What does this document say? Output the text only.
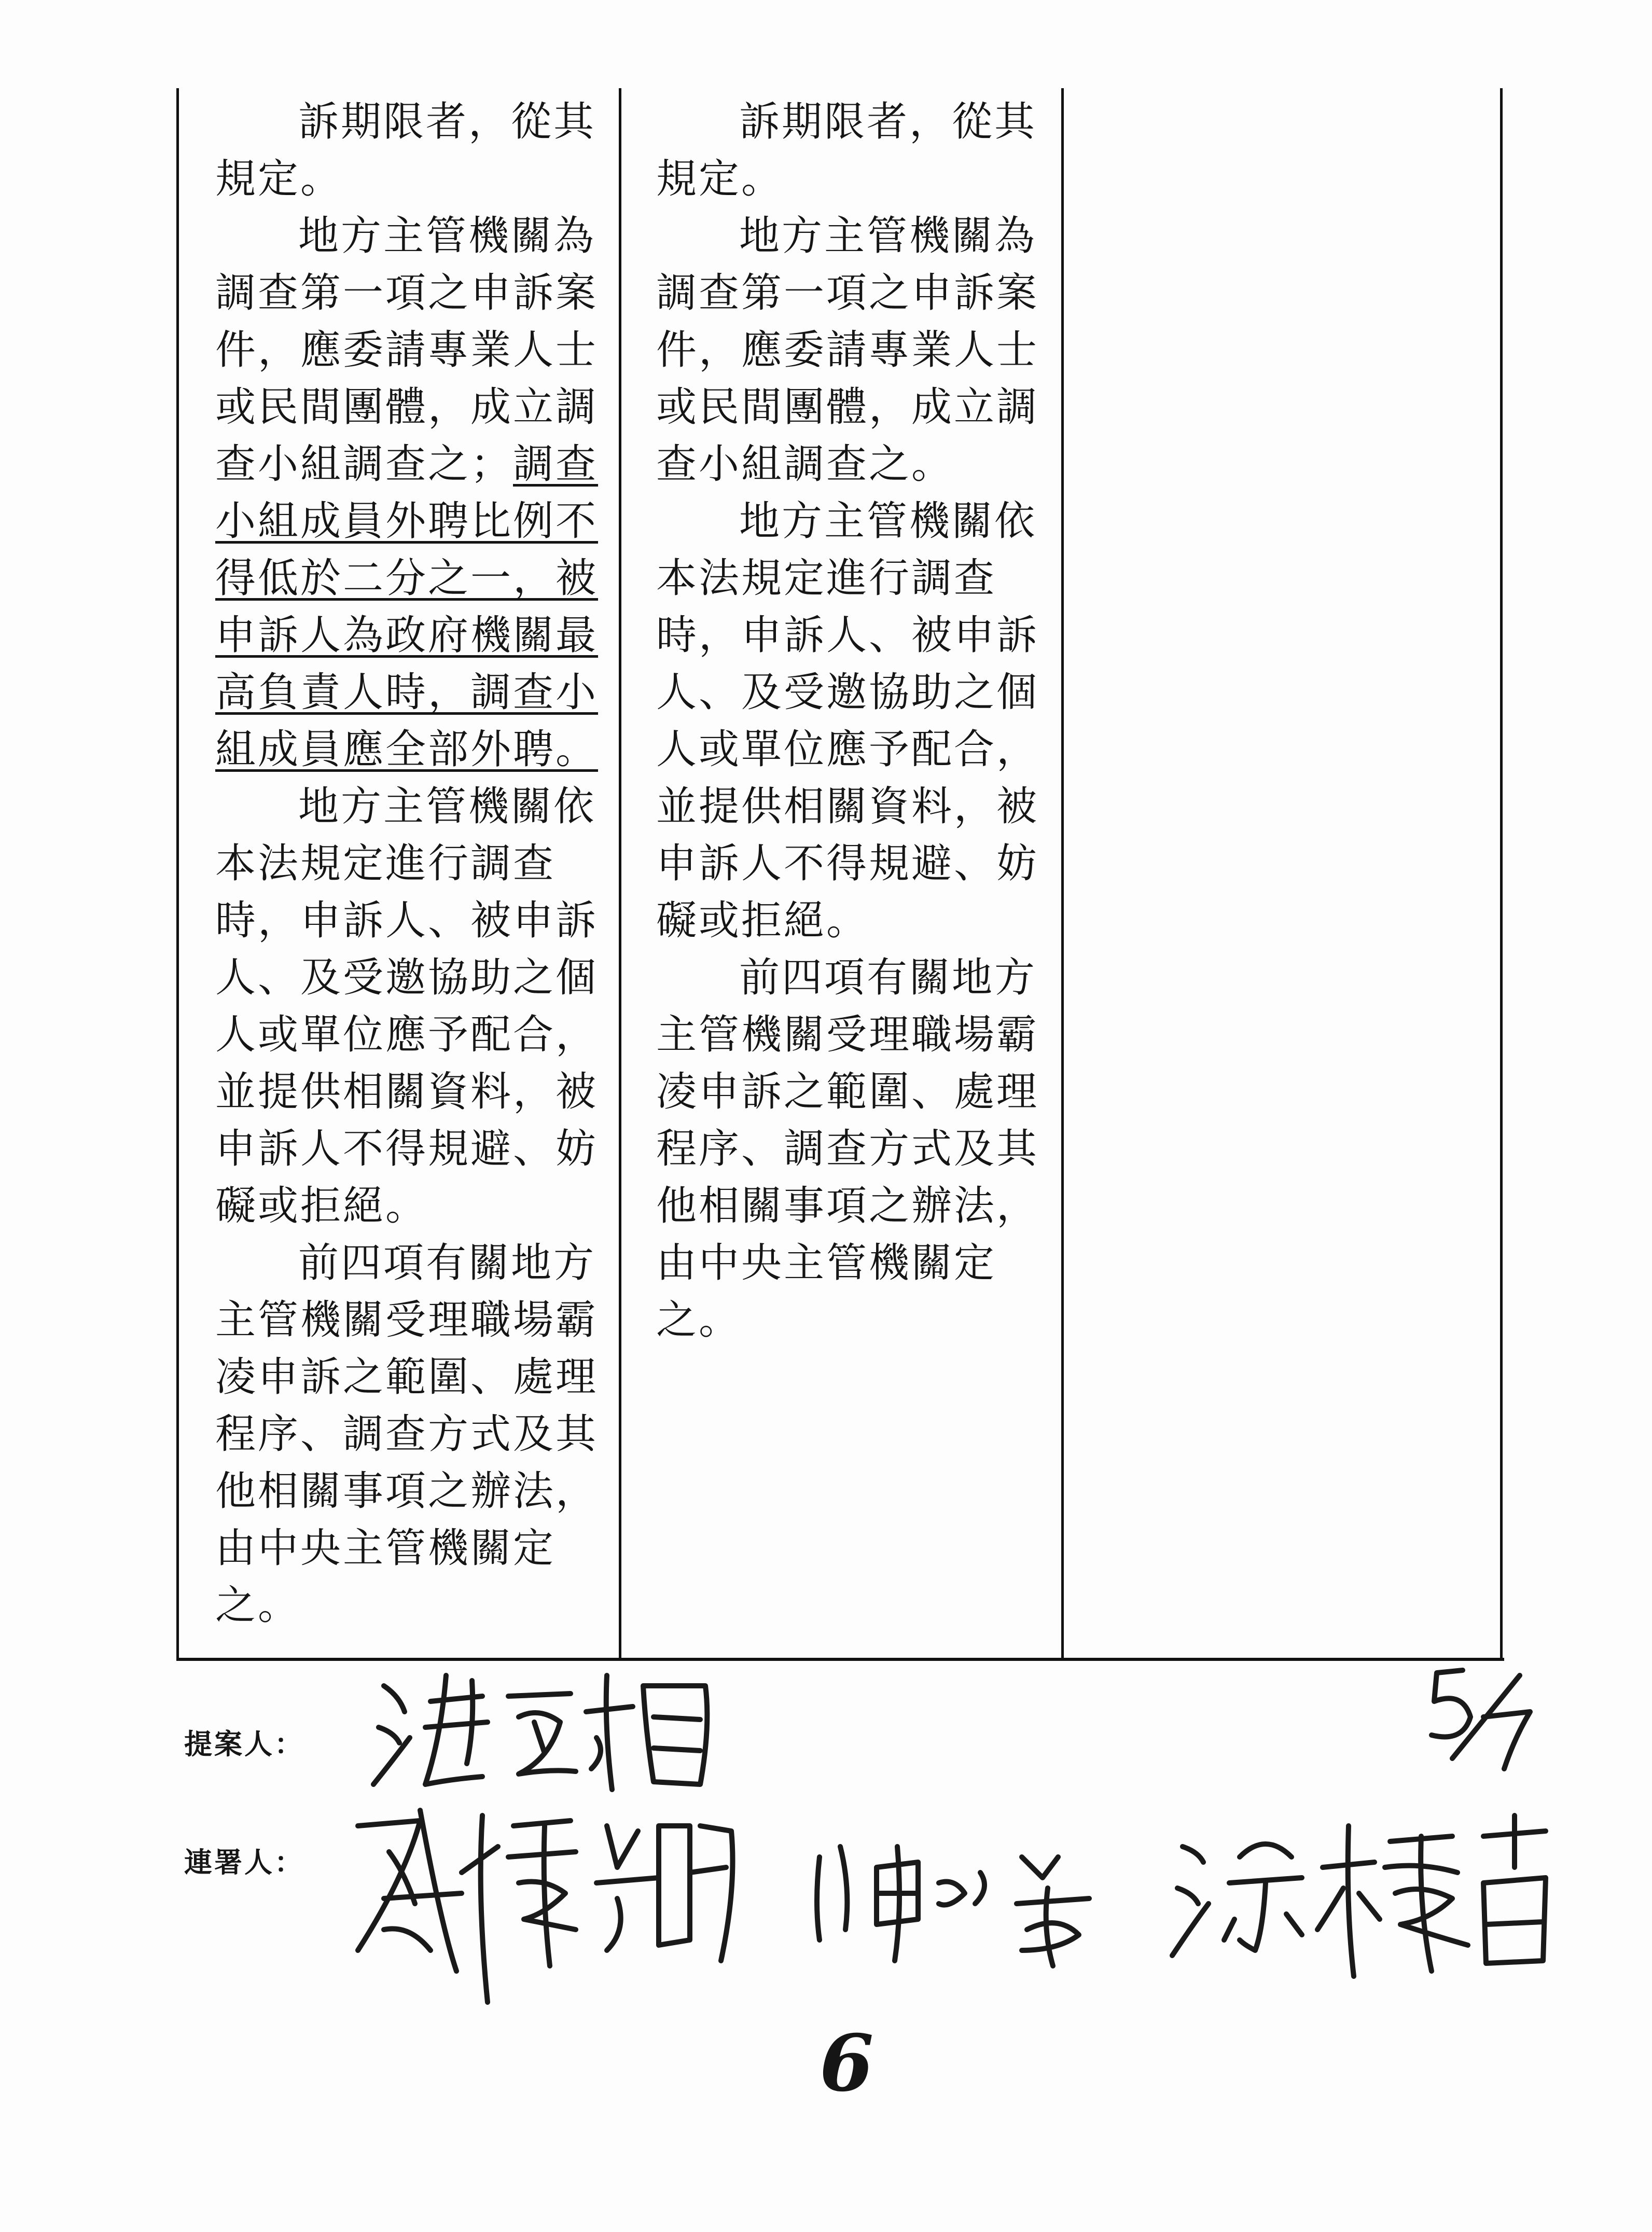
訴期限者，從其規定。

地方主管機關為調查第一項之申訴案件，應委請專業人士或民間團體，成立調查小組調查之；調查小組成員外聘比例不得低於二分之一，被申訴人為政府機關最高負責人時，調查小組成員應全部外聘。

地方主管機關依本法規定進行調查時，申訴人、被申訴人、及受邀協助之個人或單位應予配合，並提供相關資料，被申訴人不得規避、妨礙或拒絕。

前四項有關地方主管機關受理職場霸凌申訴之範圍、處理程序、調查方式及其他相關事項之辦法，由中央主管機關定之。

訴期限者，從其規定。

地方主管機關為調查第一項之申訴案件，應委請專業人士或民間團體，成立調查小組調查之。

地方主管機關依本法規定進行調查時，申訴人、被申訴人、及受邀協助之個人或單位應予配合，並提供相關資料，被申訴人不得規避、妨礙或拒絕。

前四項有關地方主管機關受理職場霸凌申訴之範圍、處理程序、調查方式及其他相關事項之辦法，由中央主管機關定之。

提案人：
連署人：
6
